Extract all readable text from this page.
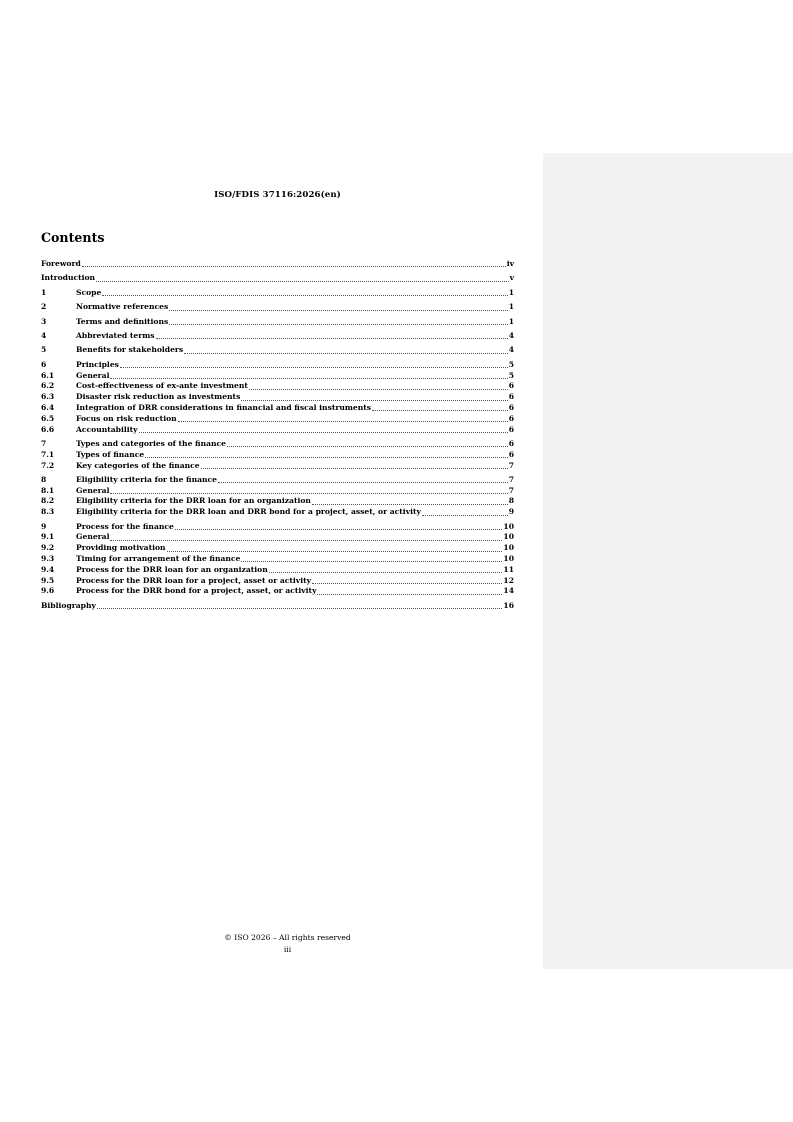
ISO/FDIS 37116:2026(en)
Contents
Foreword	iv
Introduction	v
1	Scope	1
2	Normative references	1
3	Terms and definitions	1
4	Abbreviated terms	4
5	Benefits for stakeholders	4
6	Principles	5
6.1	General	5
6.2	Cost-effectiveness of ex-ante investment	6
6.3	Disaster risk reduction as investments	6
6.4	Integration of DRR considerations in financial and fiscal instruments	6
6.5	Focus on risk reduction	6
6.6	Accountability	6
7	Types and categories of the finance	6
7.1	Types of finance	6
7.2	Key categories of the finance	7
8	Eligibility criteria for the finance	7
8.1	General	7
8.2	Eligibility criteria for the DRR loan for an organization	8
8.3	Eligibility criteria for the DRR loan and DRR bond for a project, asset, or activity	9
9	Process for the finance	10
9.1	General	10
9.2	Providing motivation	10
9.3	Timing for arrangement of the finance	10
9.4	Process for the DRR loan for an organization	11
9.5	Process for the DRR loan for a project, asset or activity	12
9.6	Process for the DRR bond for a project, asset, or activity	14
Bibliography	16
© ISO 2026 – All rights reserved
iii
